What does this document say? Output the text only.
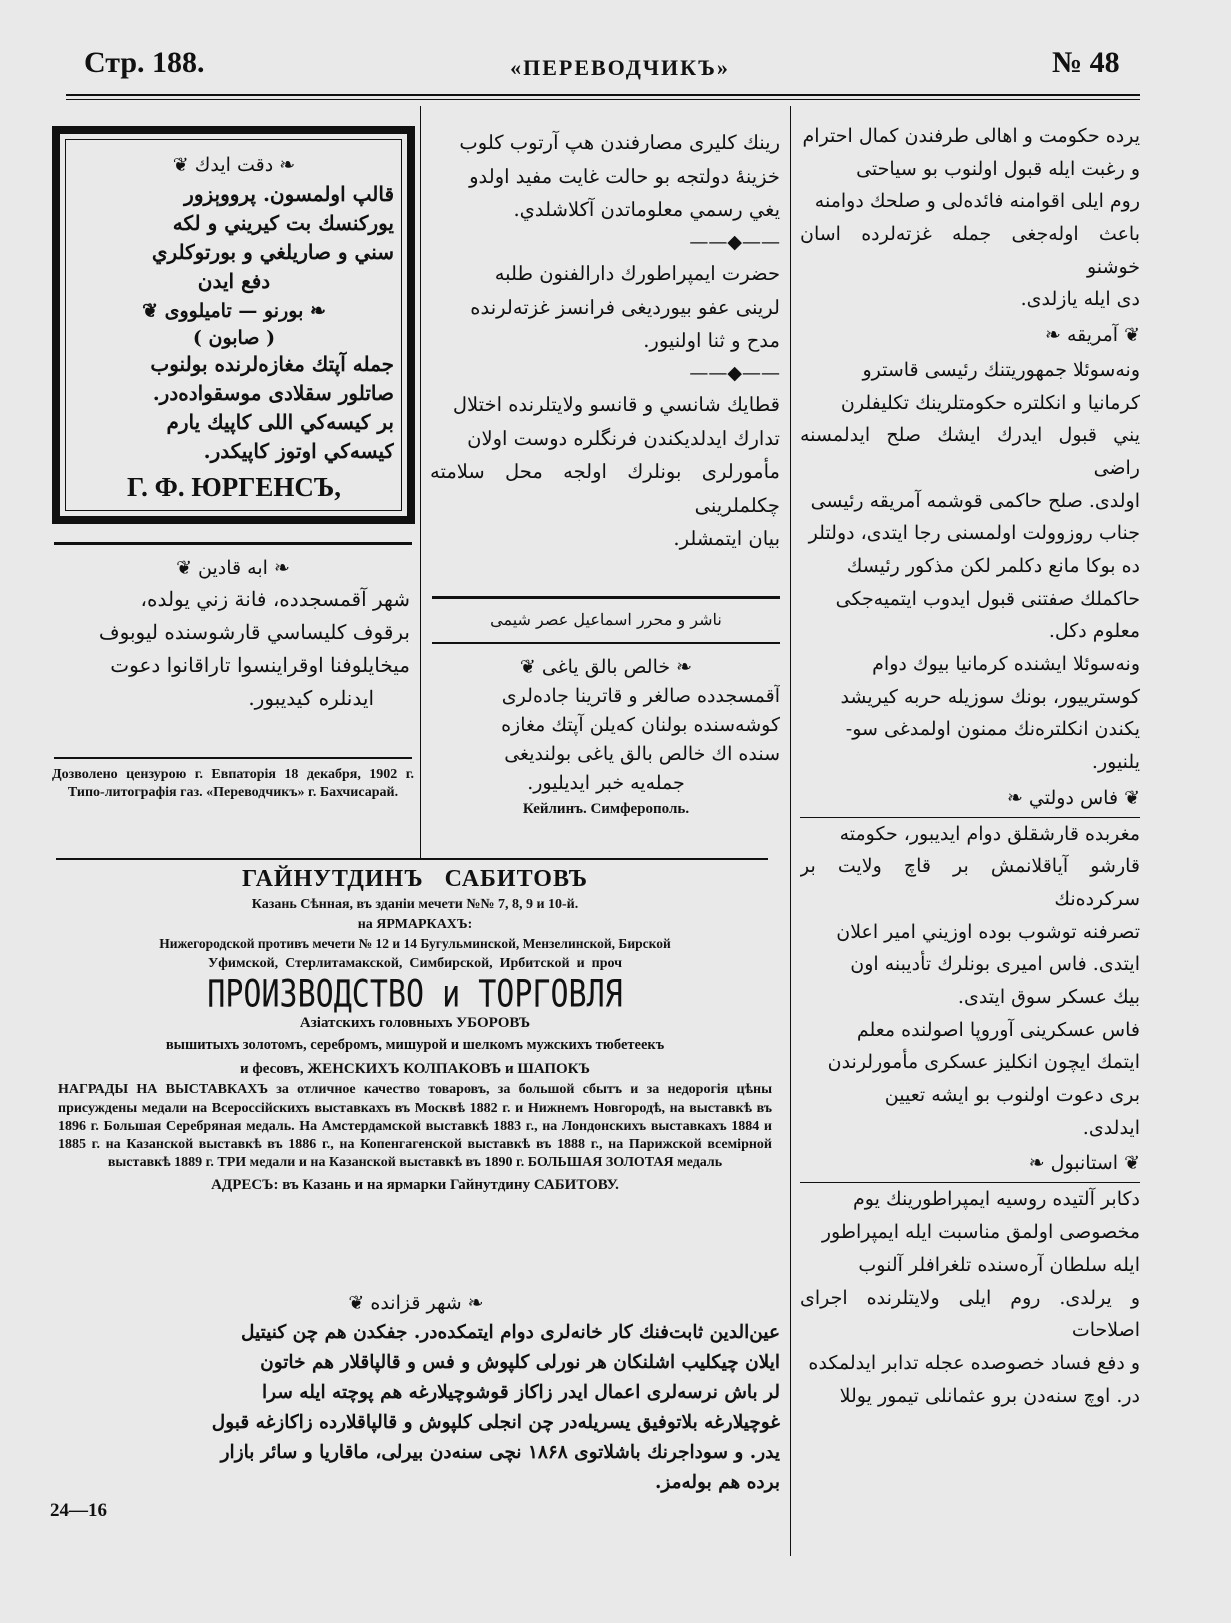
Стр. 188.	«ПЕРЕВОДЧИКЪ»	№ 48
❦ دقت ايدك ❧
قالپ اولمسون. پرووېزور
يوركنسك بت كيريني و لكه
سني و صاريلغي و بورتوكلري
دفع ايدن
❦ بورنو — تاميلووى ❧
( صابون )
جمله آپتك مغازه‌لرنده بولنوب
صاتلور سقلادى موسقواده‌در.
بر كيسه‌كي اللى كاپيك يارم
كيسه‌كي اوتوز كاپيكدر.
Г. Ф. ЮРГЕНСЪ,
❦ ابه قادين ❧
شهر آقمسجدده، فانة زني يولده،
برقوف كليساسي قارشوسنده ليوبوف
ميخايلوفنا اوقراينسوا تاراقانوا دعوت
ايدنلره كيديبور.
Дозволено цензурою г. Евпаторія 18 декабря, 1902 г. Типо-литографія газ. «Переводчикъ» г. Бахчисарай.
رينك كليرى مصارفندن هپ آرتوب كلوب
خزينهٔ دولتجه بو حالت غايت مفيد اولدو
يغي رسمي معلوماتدن آكلاشلدي.
——◆——
حضرت ايمپراطورك دارالفنون طلبه
لرينى عفو بيورديغى فرانسز غزته‌لرنده
مدح و ثنا اولنيور.
——◆——
قطايك شانسي و قانسو ولايتلرنده اختلال
تدارك ايدلديكندن فرنگلره دوست اولان
مأمورلرى بونلرك اولجه محل سلامته چكلملرينى
بيان ايتمشلر.
ناشر و محرر اسماعيل عصر شيمى
❦ خالص بالق ياغى ❧
آقمسجدده صالغر و قاترينا جاده‌لرى
كوشه‌سنده بولنان كه‌يلن آپتك مغازه
سنده اك خالص بالق ياغى بولنديغى
جمله‌يه خبر ايديليور.
Кейлинъ. Симферополь.
يرده حكومت و اهالى طرفندن كمال احترام
و رغبت ايله قبول اولنوب بو سياحتى
روم ايلى اقوامنه فائده‌لى و صلحك دوامنه
باعث اوله‌جغى جمله غزته‌لرده اسان خوشنو
دى ايله يازلدى.
❦ آمريقه ❧
ونه‌سوئلا جمهوريتنك رئيسى قاسترو
كرمانيا و انكلتره حكومتلرينك تكليفلرن
يني قبول ايدرك ايشك صلح ايدلمسنه راضى
اولدى. صلح حاكمى قوشمه آمريقه رئيسى
جناب روزوولت اولمسنى رجا ايتدى، دولتلر
ده بوكا مانع دكلمر لكن مذكور رئيسك
حاكملك صفتنى قبول ايدوب ايتميه‌جكى
معلوم دكل.
ونه‌سوئلا ايشنده كرمانيا بيوك دوام
كوسترييور، بونك سوزيله حربه كيريشد
يكندن انكلتره‌نك ممنون اولمدغى سو-
يلنيور.
❦ فاس دولتي ❧
مغربده قارشقلق دوام ايديبور، حكومته
قارشو آياقلانمش بر قاچ ولايت بر سركرده‌نك
تصرفنه توشوب بوده اوزيني امير اعلان
ايتدى. فاس اميرى بونلرك تأديبنه اون
بيك عسكر سوق ايتدى.
فاس عسكرينى آوروپا اصولنده معلم
ايتمك ايچون انكليز عسكرى مأمورلرندن
برى دعوت اولنوب بو ايشه تعيين
ايدلدى.
❦ استانبول ❧
دكابر آلتيده روسيه ايمپراطورينك يوم
مخصوصى اولمق مناسبت ايله ايمپراطور
ايله سلطان آره‌سنده تلغرافلر آلنوب
و يرلدى. روم ايلى ولايتلرنده اجراى اصلاحات
و دفع فساد خصوصده عجله تدابر ايدلمكده
در. اوچ سنه‌دن برو عثمانلى تيمور يوللا
ГАЙНУТДИНЪ   САБИТОВЪ
Казань Сѣнная, въ зданіи мечети №№ 7, 8, 9 и 10-й.
на ЯРМАРКАХЪ:
Нижегородской противъ мечети № 12 и 14 Бугульминской, Мензелинской, Бирской
Уфимской,  Стерлитамакской,  Симбирской,  Ирбитской  и  проч
ПРОИЗВОДСТВО и ТОРГОВЛЯ
Азіатскихъ головныхъ УБОРОВЪ
вышитыхъ золотомъ, серебромъ, мишурой и шелкомъ мужскихъ тюбетеекъ
и фесовъ, ЖЕНСКИХЪ КОЛПАКОВЪ и ШАПОКЪ
НАГРАДЫ НА ВЫСТАВКАХЪ за отличное качество товаровъ, за большой сбытъ и за недорогія цѣны присуждены медали на Всероссійскихъ выставкахъ въ Москвѣ 1882 г. и Нижнемъ Новгородѣ, на выставкѣ въ 1896 г. Большая Серебряная медаль. На Амстердамской выставкѣ 1883 г., на Лондонскихъ выставкахъ 1884 и 1885 г. на Казанской выставкѣ въ 1886 г., на Копенгагенской выставкѣ въ 1888 г., на Парижской всемірной выставкѣ 1889 г. ТРИ медали и на Казанской выставкѣ въ 1890 г. БОЛЬШАЯ ЗОЛОТАЯ медаль
АДРЕСЪ: въ Казань и на ярмарки Гайнутдину САБИТОВУ.
❦ شهر قزانده ❧
عين‌الدين ثابت‌فنك كار خانه‌لرى دوام ايتمكده‌در. جفكدن هم چن كنيتيل
ايلان چيكليب اشلنكان هر نورلى كلپوش و فس و قالپاقلار هم خاتون
لر باش نرسه‌لرى اعمال ايدر زاكاز قوشوچيلارغه هم پوچته ايله سرا
غوچيلارغه بلاتوفيق يسريله‌در چن انجلى كلپوش و قالپاقلارده زاكازغه قبول
يدر. و سوداجرنك باشلاتوى ۱۸۶۸ نچى سنه‌دن بيرلى، ماقاريا و سائر بازار
برده هم بوله‌مز.
24—16
